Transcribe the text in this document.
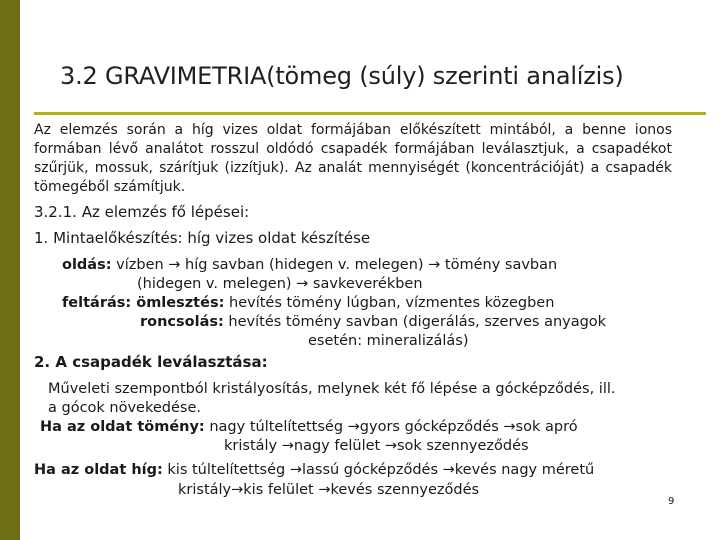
3.2 GRAVIMETRIA(tömeg (súly) szerinti analízis)
Az elemzés során a híg vizes oldat formájában előkészített mintából, a benne ionos formában lévő analátot rosszul oldódó csapadék formájában leválasztjuk, a csapadékot szűrjük, mossuk, szárítjuk (izzítjuk). Az analát mennyiségét (koncentrációját) a csapadék tömegéből számítjuk.
3.2.1. Az elemzés fő lépései:
1. Mintaelőkészítés: híg vizes oldat készítése
oldás: vízben → híg savban (hidegen v. melegen) → tömény savban
(hidegen v. melegen) → savkeverékben
feltárás: ömlesztés: hevítés tömény lúgban, vízmentes közegben
roncsolás: hevítés tömény savban (digerálás, szerves anyagok
esetén: mineralizálás)
2. A csapadék leválasztása:
Műveleti szempontból kristályosítás, melynek két fő lépése a gócképződés, ill.
a gócok növekedése.
Ha az oldat tömény: nagy túltelítettség →gyors gócképződés →sok apró
kristály →nagy felület →sok szennyeződés
Ha az oldat híg: kis túltelítettség →lassú gócképződés →kevés nagy méretű
kristály→kis felület →kevés szennyeződés
9
